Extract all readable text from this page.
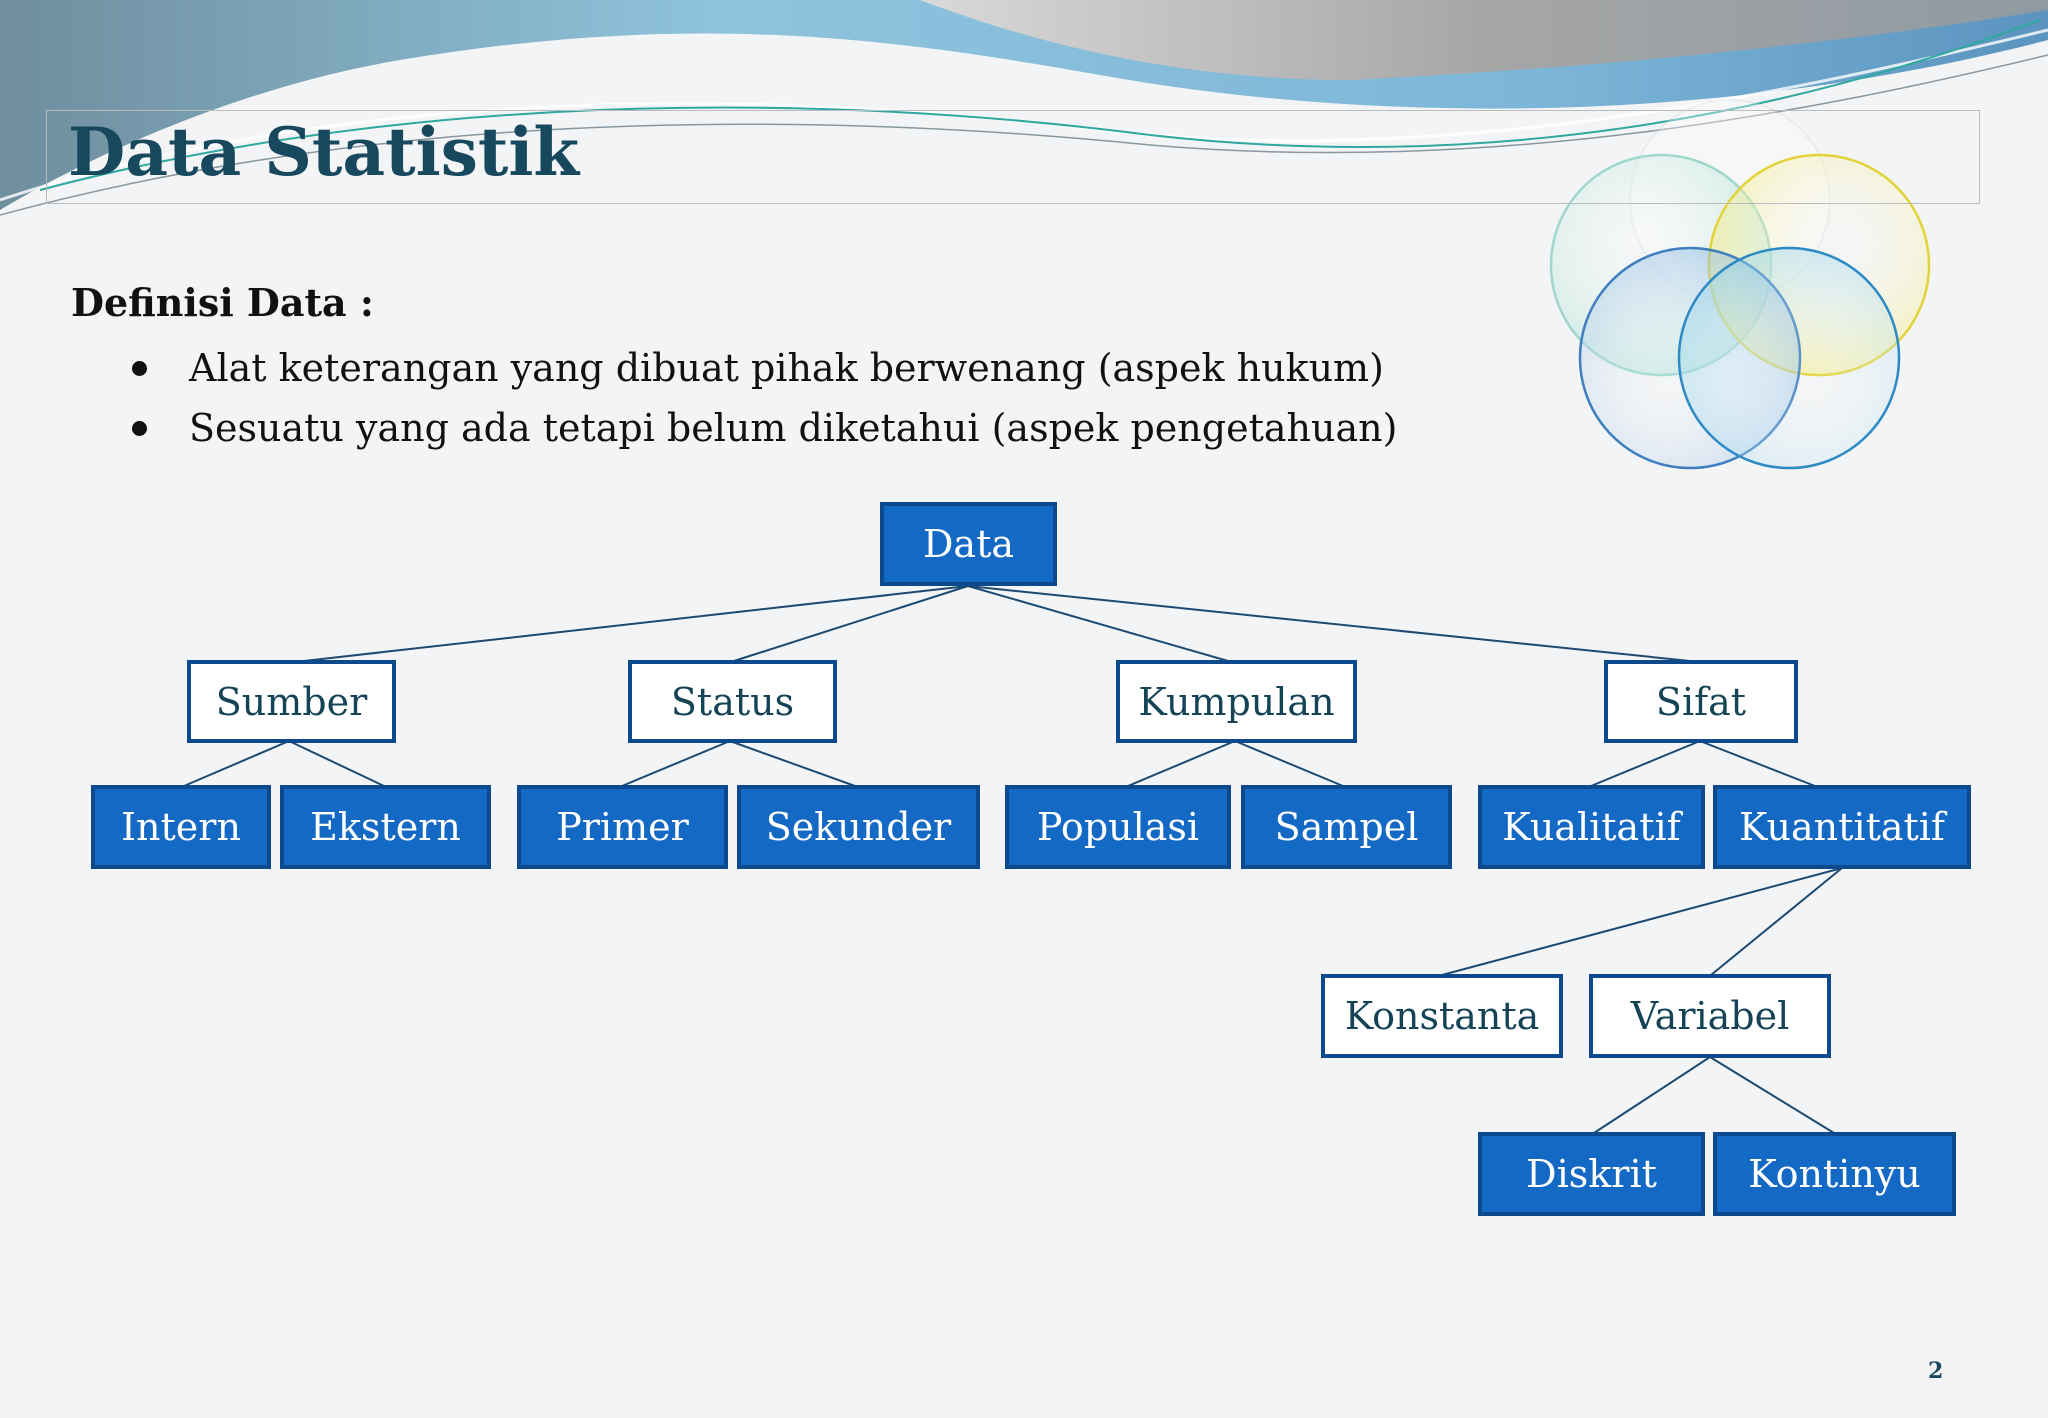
Data Statistik
Definisi Data :
Alat keterangan yang dibuat pihak berwenang (aspek hukum)
Sesuatu yang ada tetapi belum diketahui (aspek pengetahuan)
Data
Sumber	Status	Kumpulan	Sifat
Intern	Ekstern	Primer	Sekunder	Populasi	Sampel	Kualitatif	Kuantitatif
Konstanta	Variabel
Diskrit	Kontinyu
2
